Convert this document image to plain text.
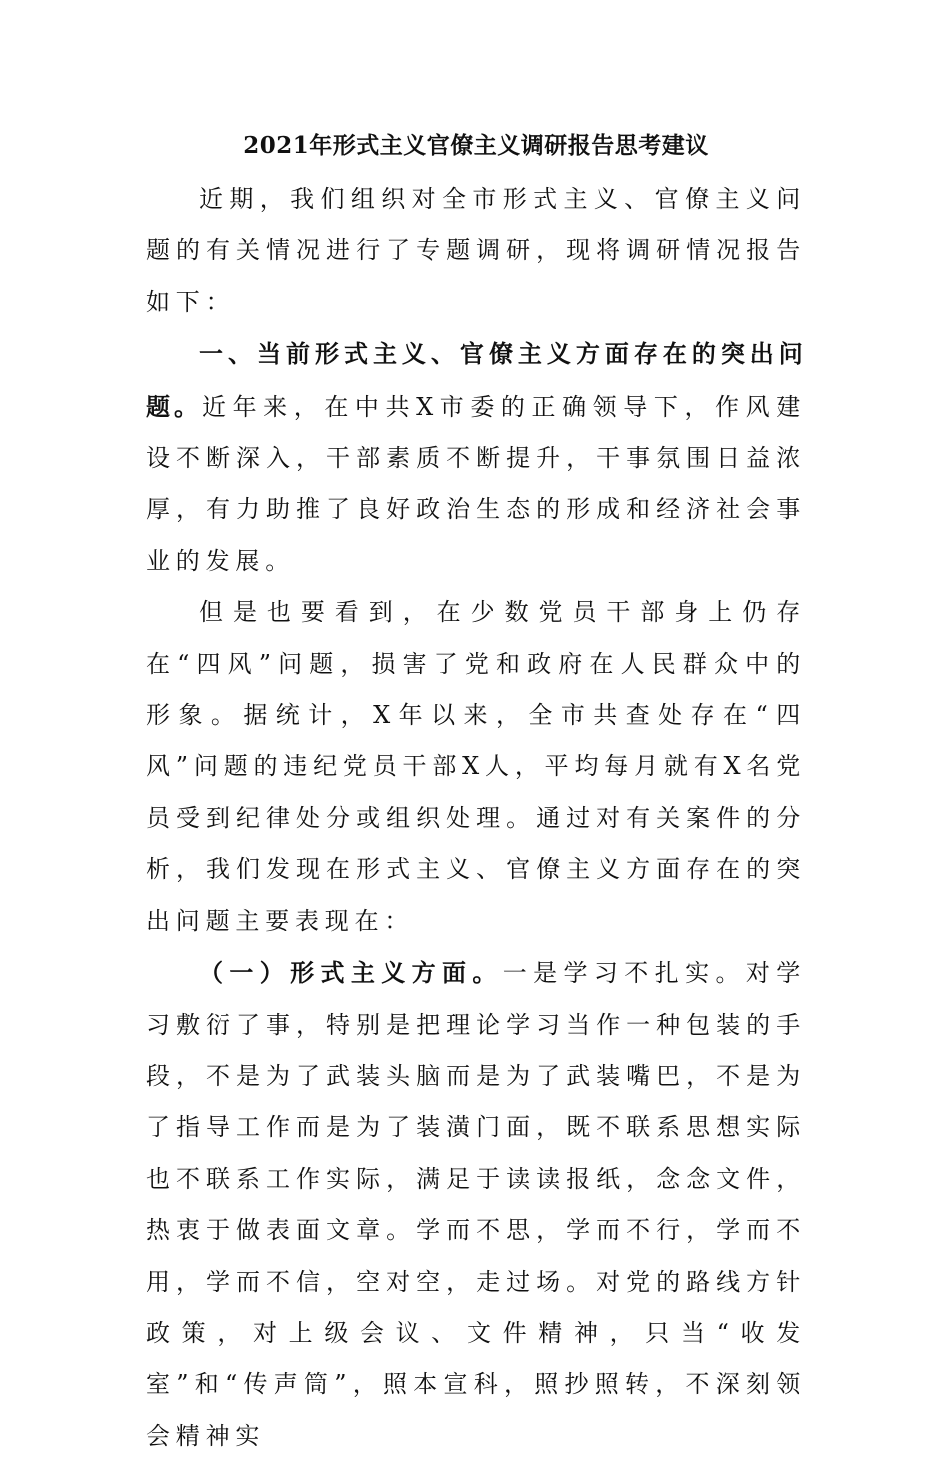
2021年形式主义官僚主义调研报告思考建议

近期，我们组织对全市形式主义、官僚主义问题的有关情况进行了专题调研，现将调研情况报告如下：

一、当前形式主义、官僚主义方面存在的突出问题。近年来，在中共X市委的正确领导下，作风建设不断深入，干部素质不断提升，干事氛围日益浓厚，有力助推了良好政治生态的形成和经济社会事业的发展。

但是也要看到，在少数党员干部身上仍存在“四风”问题，损害了党和政府在人民群众中的形象。据统计，X年以来，全市共查处存在“四风”问题的违纪党员干部X人，平均每月就有X名党员受到纪律处分或组织处理。通过对有关案件的分析，我们发现在形式主义、官僚主义方面存在的突出问题主要表现在：

（一）形式主义方面。一是学习不扎实。对学习敷衍了事，特别是把理论学习当作一种包装的手段，不是为了武装头脑而是为了武装嘴巴，不是为了指导工作而是为了装潢门面，既不联系思想实际也不联系工作实际，满足于读读报纸，念念文件，热衷于做表面文章。学而不思，学而不行，学而不用，学而不信，空对空，走过场。对党的路线方针政策，对上级会议、文件精神，只当“收发室”和“传声筒”，照本宣科，照抄照转，不深刻领会精神实
